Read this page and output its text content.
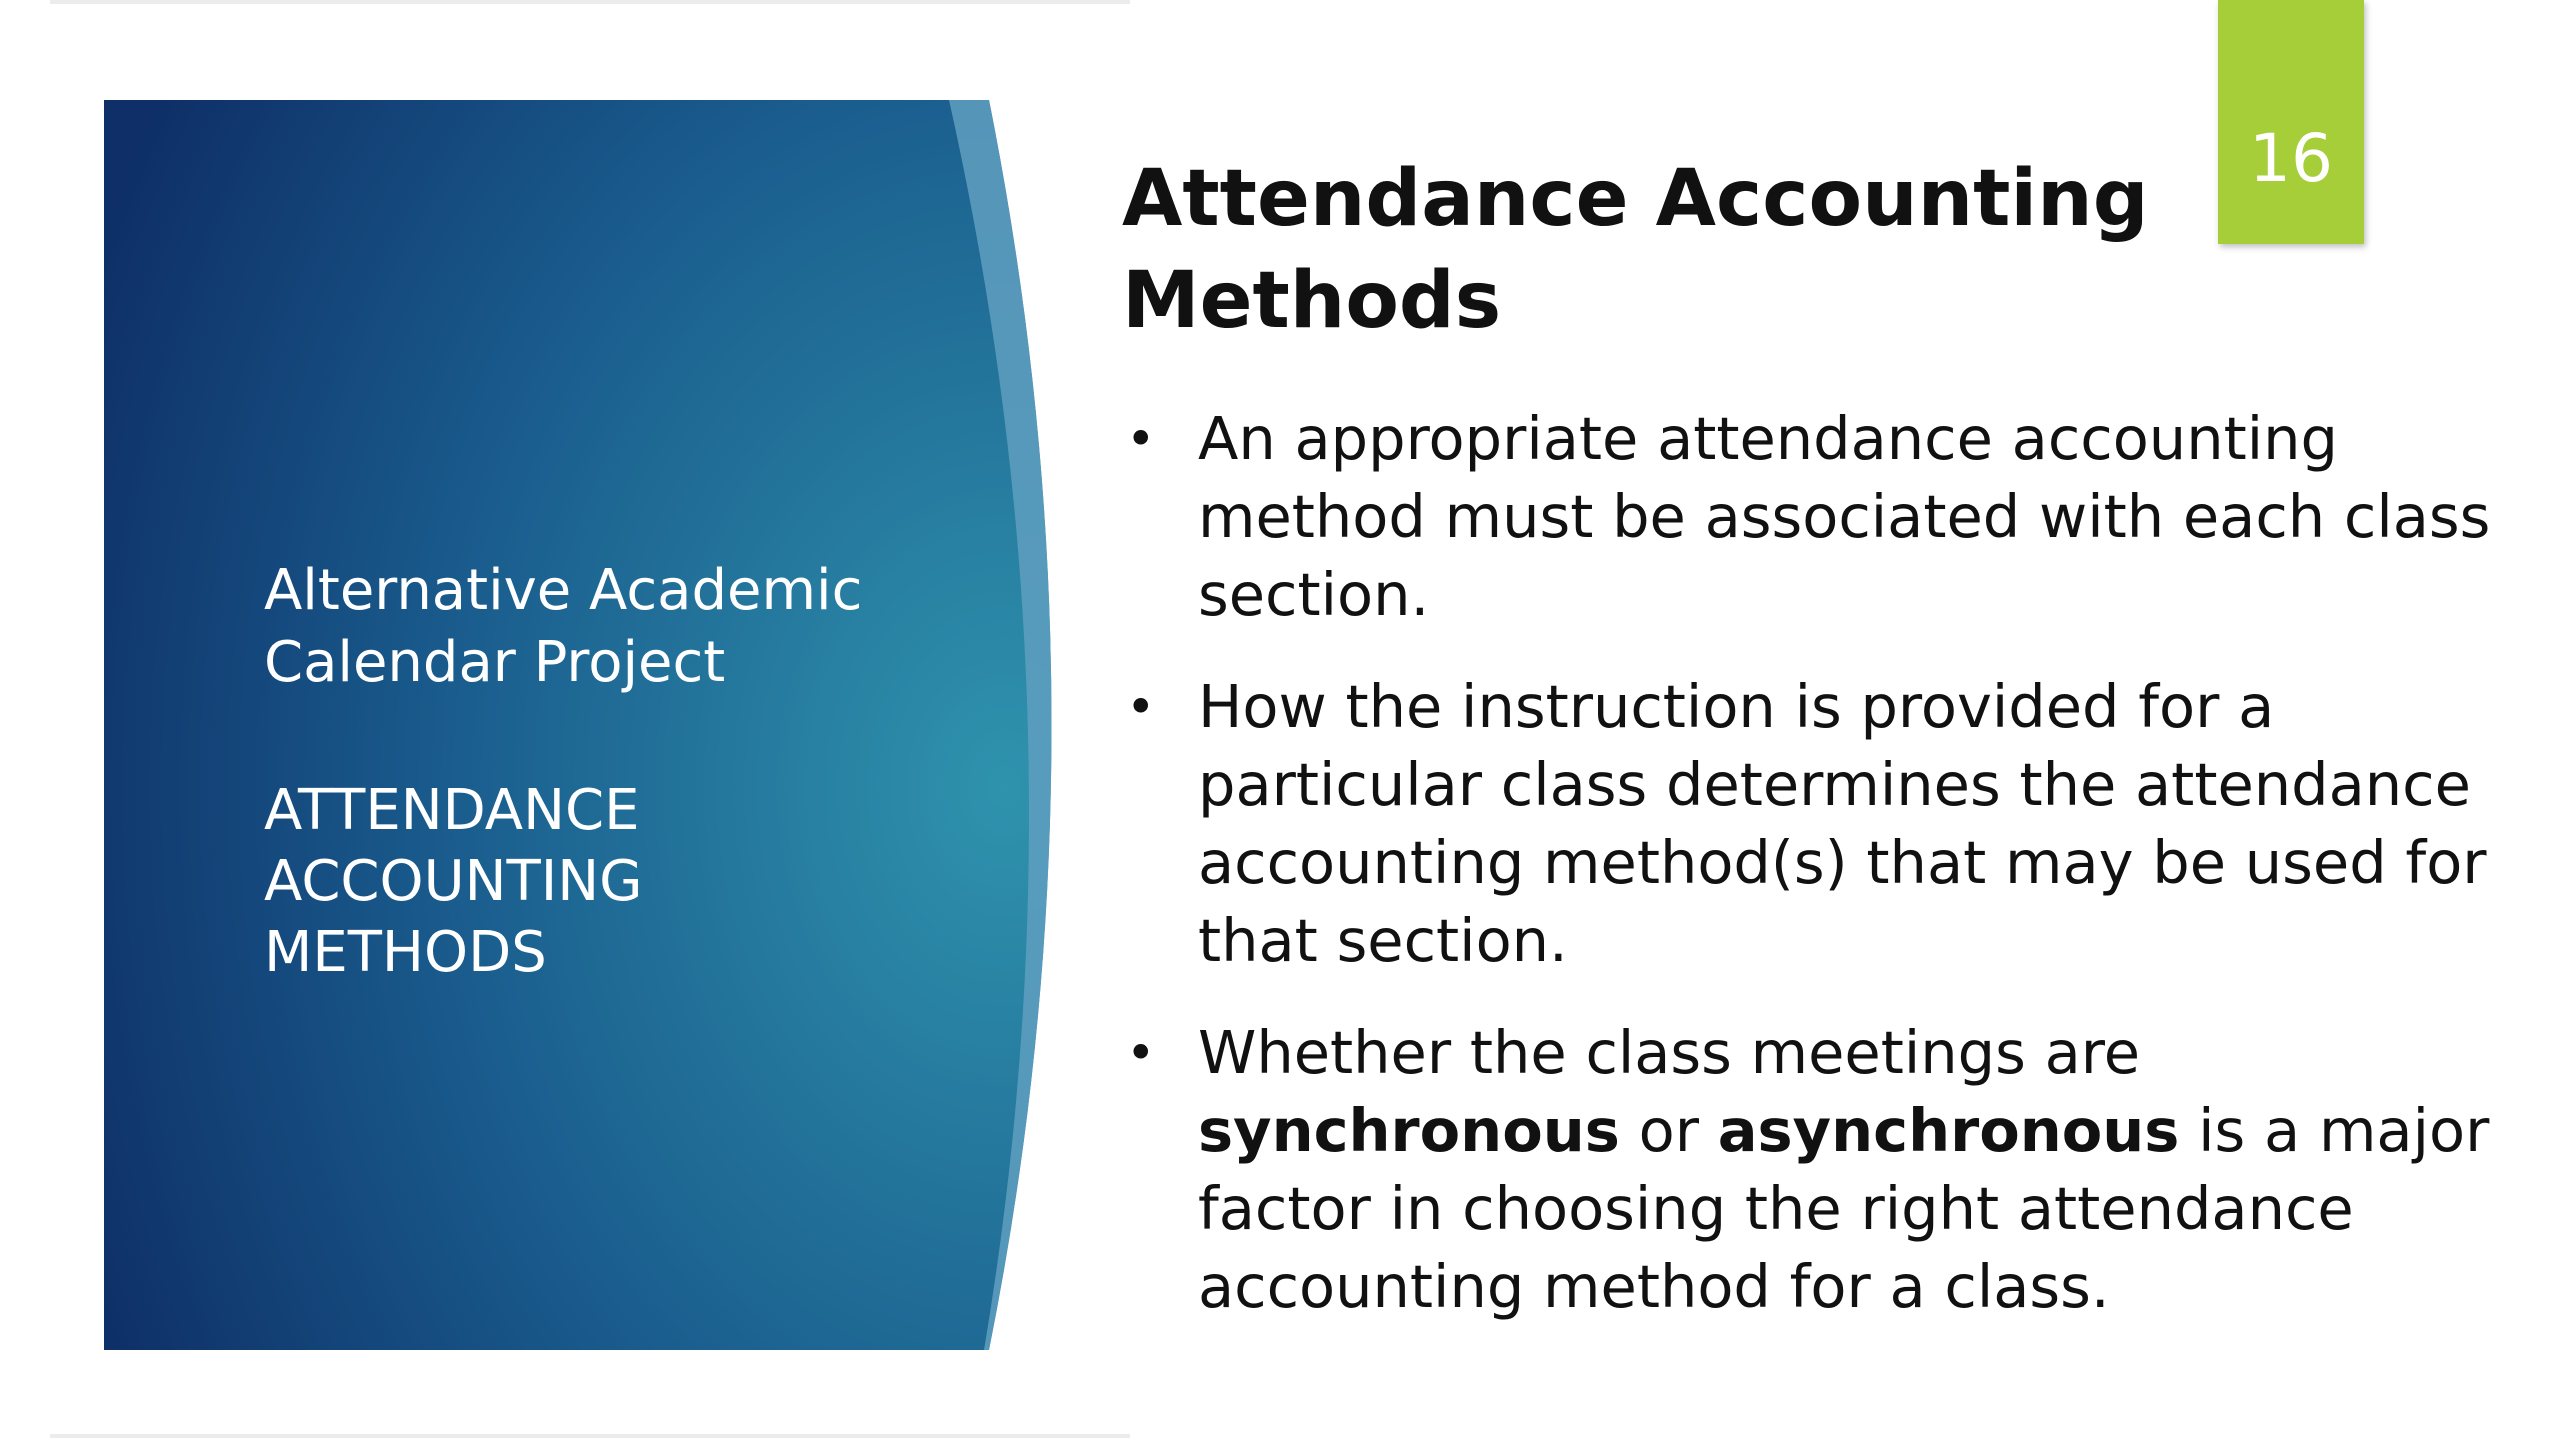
Alternative Academic
Calendar Project

ATTENDANCE
ACCOUNTING
METHODS

16
Attendance Accounting Methods
• An appropriate attendance accounting method must be associated with each class section.
• How the instruction is provided for a particular class determines the attendance accounting method(s) that may be used for that section.
• Whether the class meetings are synchronous or asynchronous is a major factor in choosing the right attendance accounting method for a class.
